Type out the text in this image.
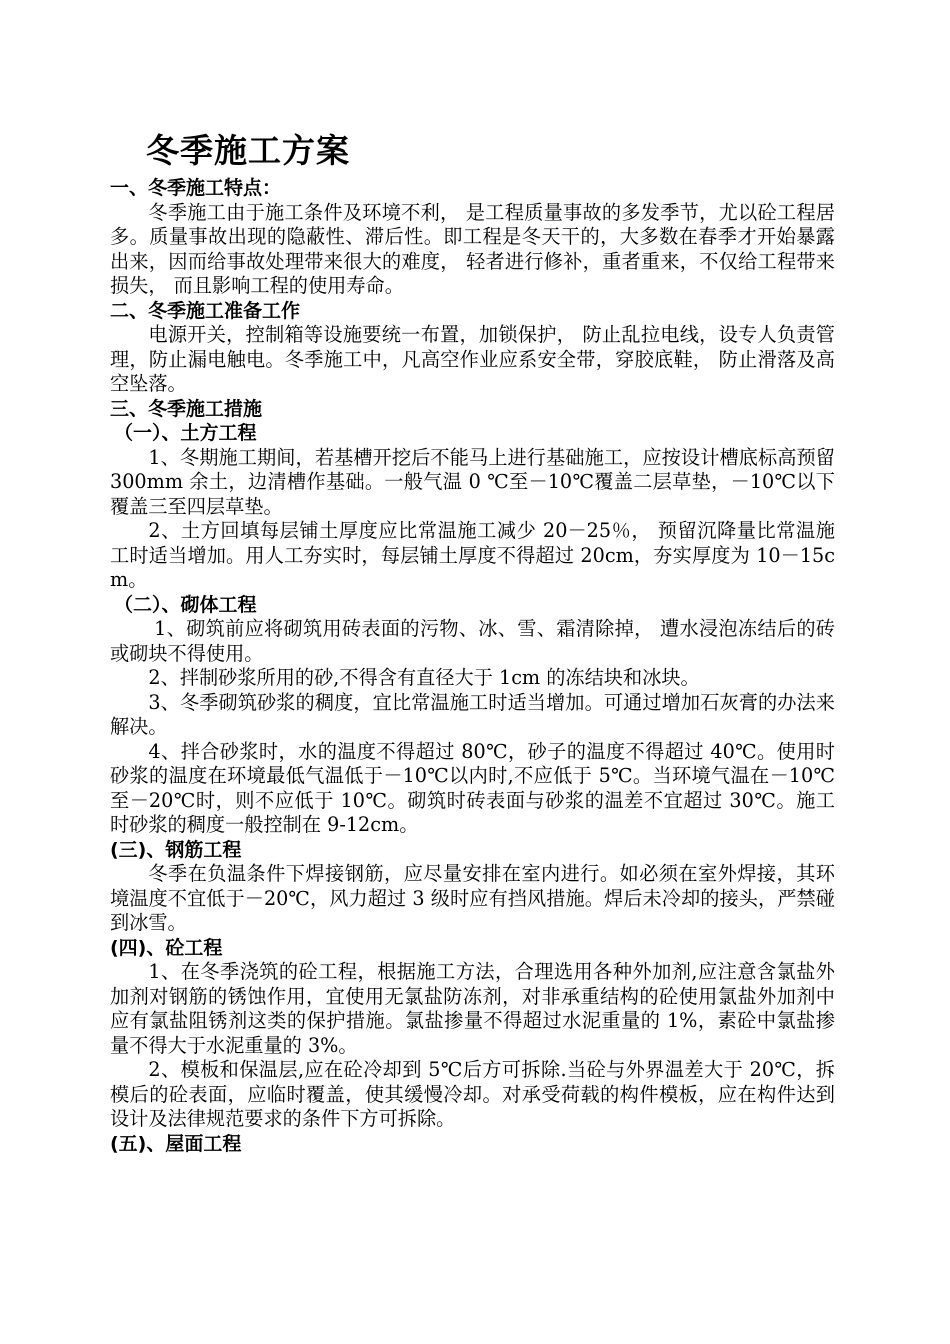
冬季施工方案
一、冬季施工特点：
冬季施工由于施工条件及环境不利， 是工程质量事故的多发季节，尤以砼工程居多。质量事故出现的隐蔽性、滞后性。即工程是冬天干的，大多数在春季才开始暴露出来，因而给事故处理带来很大的难度， 轻者进行修补，重者重来，不仅给工程带来损失， 而且影响工程的使用寿命。
二、冬季施工准备工作
电源开关，控制箱等设施要统一布置，加锁保护， 防止乱拉电线，设专人负责管理，防止漏电触电。冬季施工中，凡高空作业应系安全带，穿胶底鞋， 防止滑落及高空坠落。
三、冬季施工措施
（一）、土方工程
1、冬期施工期间，若基槽开挖后不能马上进行基础施工，应按设计槽底标高预留 300mm 余土，边清槽作基础。一般气温 0 ℃至－10℃覆盖二层草垫，－10℃以下覆盖三至四层草垫。
2、土方回填每层铺土厚度应比常温施工减少 20－25％， 预留沉降量比常温施工时适当增加。用人工夯实时，每层铺土厚度不得超过 20cm，夯实厚度为 10－15cm。
（二）、砌体工程
1、砌筑前应将砌筑用砖表面的污物、冰、雪、霜清除掉， 遭水浸泡冻结后的砖或砌块不得使用。
2、拌制砂浆所用的砂,不得含有直径大于 1cm 的冻结块和冰块。
3、冬季砌筑砂浆的稠度，宜比常温施工时适当增加。可通过增加石灰膏的办法来解决。
4、拌合砂浆时，水的温度不得超过 80℃，砂子的温度不得超过 40℃。使用时砂浆的温度在环境最低气温低于－10℃以内时,不应低于 5℃。当环境气温在－10℃至－20℃时，则不应低于 10℃。砌筑时砖表面与砂浆的温差不宜超过 30℃。施工时砂浆的稠度一般控制在 9-12cm。
(三)、钢筋工程
冬季在负温条件下焊接钢筋，应尽量安排在室内进行。如必须在室外焊接，其环境温度不宜低于－20℃，风力超过 3 级时应有挡风措施。焊后未冷却的接头，严禁碰到冰雪。
(四)、砼工程
1、在冬季浇筑的砼工程，根据施工方法，合理选用各种外加剂,应注意含氯盐外加剂对钢筋的锈蚀作用，宜使用无氯盐防冻剂，对非承重结构的砼使用氯盐外加剂中应有氯盐阻锈剂这类的保护措施。氯盐掺量不得超过水泥重量的 1%，素砼中氯盐掺量不得大于水泥重量的 3%。
2、模板和保温层,应在砼冷却到 5℃后方可拆除.当砼与外界温差大于 20℃，拆模后的砼表面，应临时覆盖，使其缓慢冷却。对承受荷载的构件模板，应在构件达到设计及法律规范要求的条件下方可拆除。
(五)、屋面工程
